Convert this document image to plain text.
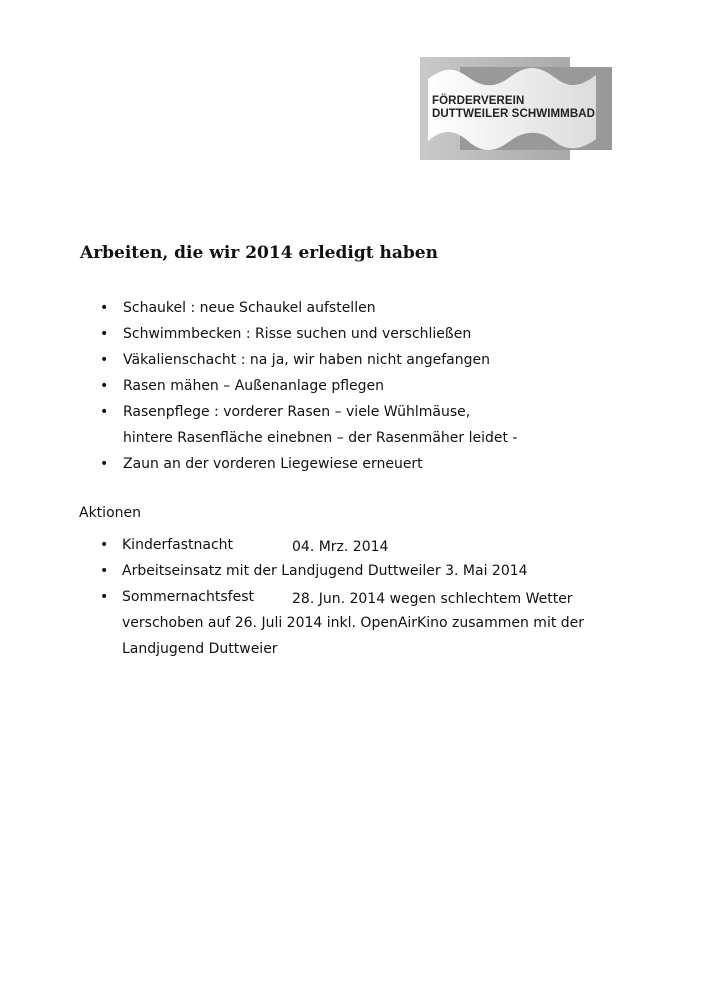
FÖRDERVEREIN
DUTTWEILER SCHWIMMBAD
Arbeiten, die wir 2014 erledigt haben
• Schaukel : neue Schaukel aufstellen
• Schwimmbecken : Risse suchen und verschließen
• Väkalienschacht : na ja, wir haben nicht angefangen
• Rasen mähen – Außenanlage pflegen
• Rasenpflege : vorderer Rasen – viele Wühlmäuse,
hintere Rasenfläche einebnen – der Rasenmäher leidet -
• Zaun an der vorderen Liegewiese erneuert
Aktionen
• Kinderfastnacht	04. Mrz. 2014
• Arbeitseinsatz mit der Landjugend Duttweiler 3. Mai 2014
• Sommernachtsfest	28. Jun. 2014 wegen schlechtem Wetter
verschoben auf 26. Juli 2014 inkl. OpenAirKino zusammen mit der
Landjugend Duttweier
